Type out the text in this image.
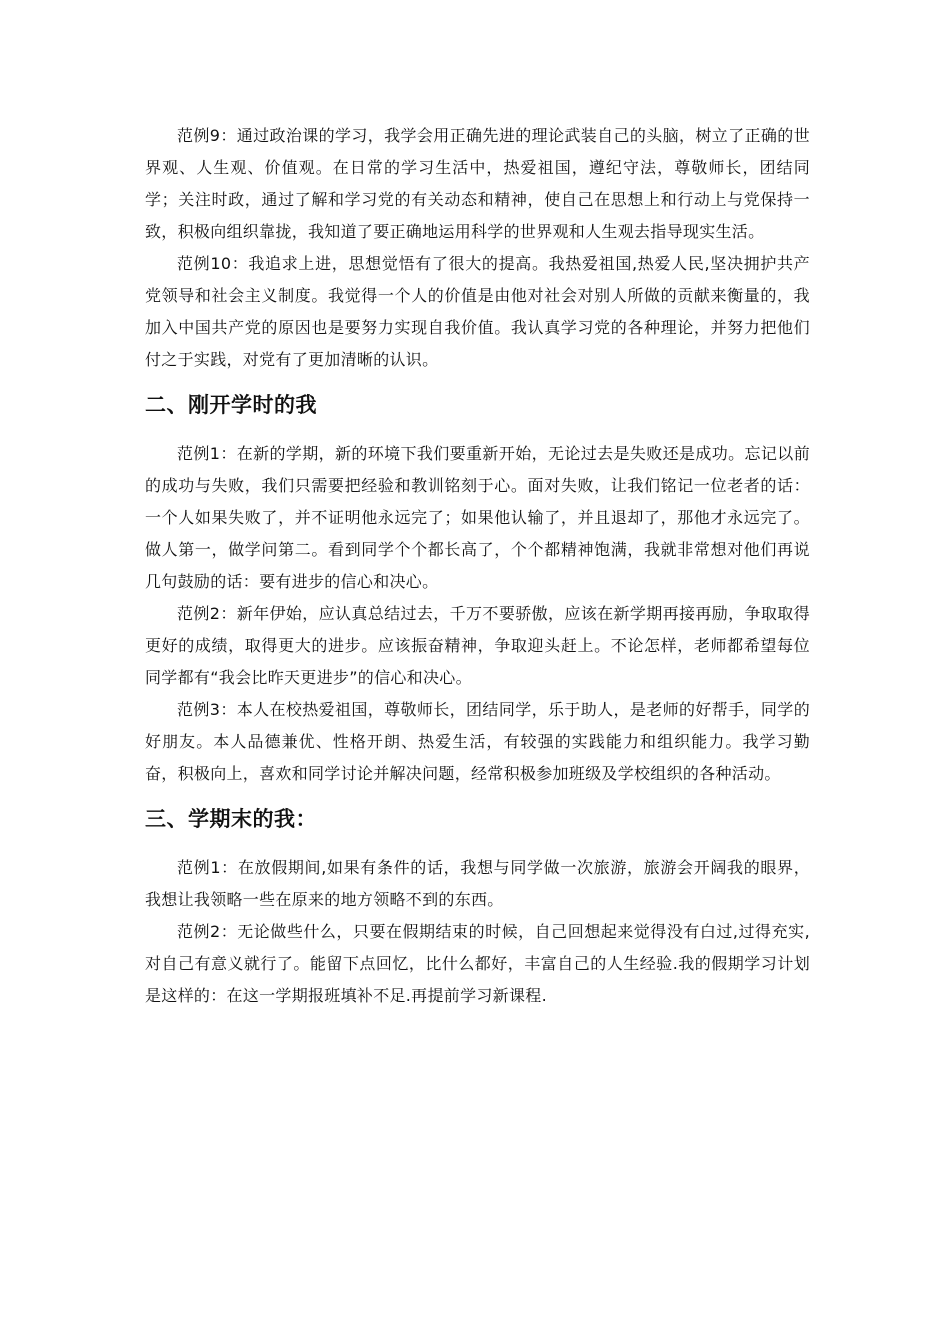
范例9：通过政治课的学习，我学会用正确先进的理论武装自己的头脑，树立了正确的世界观、人生观、价值观。在日常的学习生活中，热爱祖国，遵纪守法，尊敬师长，团结同学；关注时政，通过了解和学习党的有关动态和精神，使自己在思想上和行动上与党保持一致，积极向组织靠拢，我知道了要正确地运用科学的世界观和人生观去指导现实生活。

范例10：我追求上进，思想觉悟有了很大的提高。我热爱祖国,热爱人民,坚决拥护共产党领导和社会主义制度。我觉得一个人的价值是由他对社会对别人所做的贡献来衡量的，我加入中国共产党的原因也是要努力实现自我价值。我认真学习党的各种理论，并努力把他们付之于实践，对党有了更加清晰的认识。

二、刚开学时的我

范例1：在新的学期，新的环境下我们要重新开始，无论过去是失败还是成功。忘记以前的成功与失败，我们只需要把经验和教训铭刻于心。面对失败，让我们铭记一位老者的话：一个人如果失败了，并不证明他永远完了；如果他认输了，并且退却了，那他才永远完了。做人第一，做学问第二。看到同学个个都长高了，个个都精神饱满，我就非常想对他们再说几句鼓励的话：要有进步的信心和决心。

范例2：新年伊始，应认真总结过去，千万不要骄傲，应该在新学期再接再励，争取取得更好的成绩，取得更大的进步。应该振奋精神，争取迎头赶上。不论怎样，老师都希望每位同学都有“我会比昨天更进步”的信心和决心。

范例3：本人在校热爱祖国，尊敬师长，团结同学，乐于助人，是老师的好帮手，同学的好朋友。本人品德兼优、性格开朗、热爱生活，有较强的实践能力和组织能力。我学习勤奋，积极向上，喜欢和同学讨论并解决问题，经常积极参加班级及学校组织的各种活动。

三、学期末的我：

范例1：在放假期间,如果有条件的话，我想与同学做一次旅游，旅游会开阔我的眼界，我想让我领略一些在原来的地方领略不到的东西。

范例2：无论做些什么，只要在假期结束的时候，自己回想起来觉得没有白过,过得充实,对自己有意义就行了。能留下点回忆，比什么都好，丰富自己的人生经验.我的假期学习计划是这样的：在这一学期报班填补不足.再提前学习新课程.
